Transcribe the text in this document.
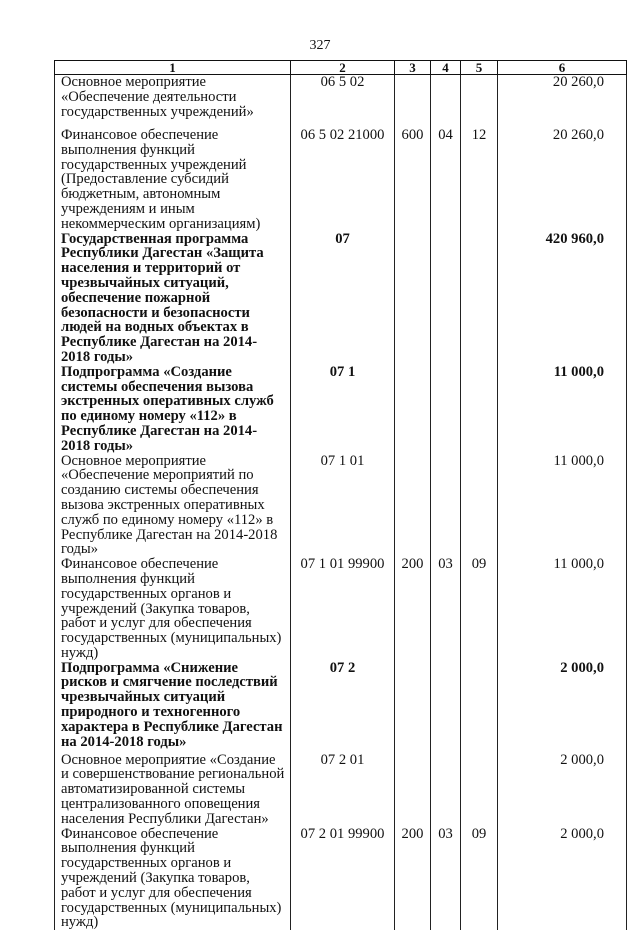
327
1	2	3	4	5	6
Основное мероприятие «Обеспечение деятельности государственных учреждений»	06 5 02				20 260,0
Финансовое обеспечение выполнения функций государственных учреждений (Предоставление субсидий бюджетным, автономным учреждениям и иным некоммерческим организациям)	06 5 02 21000	600	04	12	20 260,0
Государственная программа Республики Дагестан «Защита населения и территорий от чрезвычайных ситуаций, обеспечение пожарной безопасности и безопасности людей на водных объектах в Республике Дагестан на 2014-2018 годы»	07				420 960,0
Подпрограмма «Создание системы обеспечения вызова экстренных оперативных служб по единому номеру «112» в Республике Дагестан на 2014-2018 годы»	07 1				11 000,0
Основное мероприятие «Обеспечение мероприятий по созданию системы обеспечения вызова экстренных оперативных служб по единому номеру «112» в Республике Дагестан на 2014-2018 годы»	07 1 01				11 000,0
Финансовое обеспечение выполнения функций государственных органов и учреждений (Закупка товаров, работ и услуг для обеспечения государственных (муниципальных) нужд)	07 1 01 99900	200	03	09	11 000,0
Подпрограмма «Снижение рисков и смягчение последствий чрезвычайных ситуаций природного и техногенного характера в Республике Дагестан на 2014-2018 годы»	07 2				2 000,0
Основное мероприятие «Создание и совершенствование региональной автоматизированной системы централизованного оповещения населения Республики Дагестан»	07 2 01				2 000,0
Финансовое обеспечение выполнения функций государственных органов и учреждений (Закупка товаров, работ и услуг для обеспечения государственных (муниципальных) нужд)	07 2 01 99900	200	03	09	2 000,0
